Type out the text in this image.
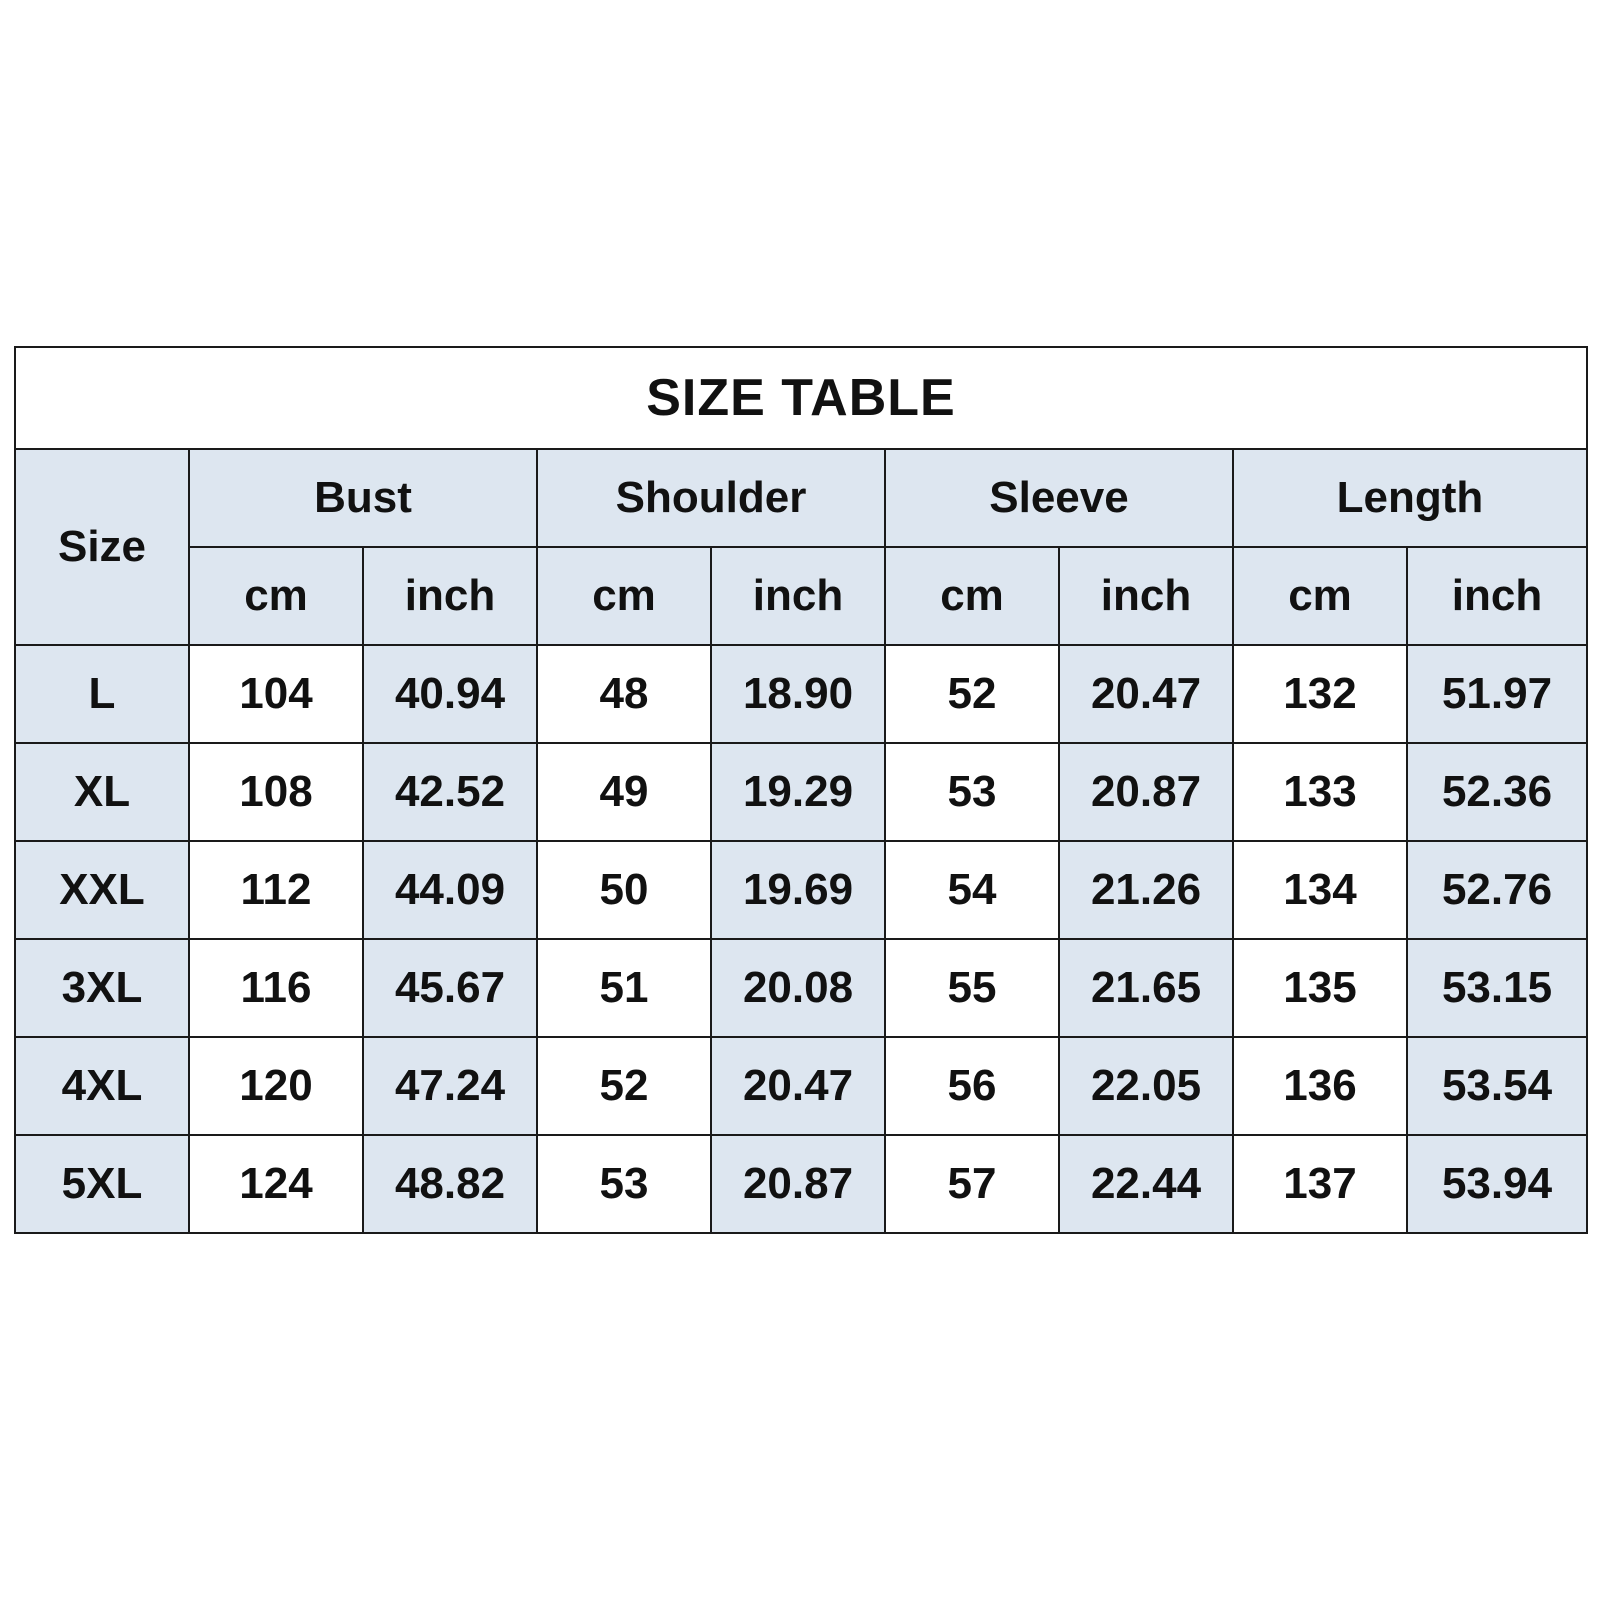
SIZE TABLE								
Size	Bust		Shoulder		Sleeve		Length	
	cm	inch	cm	inch	cm	inch	cm	inch
L	104	40.94	48	18.90	52	20.47	132	51.97
XL	108	42.52	49	19.29	53	20.87	133	52.36
XXL	112	44.09	50	19.69	54	21.26	134	52.76
3XL	116	45.67	51	20.08	55	21.65	135	53.15
4XL	120	47.24	52	20.47	56	22.05	136	53.54
5XL	124	48.82	53	20.87	57	22.44	137	53.94
